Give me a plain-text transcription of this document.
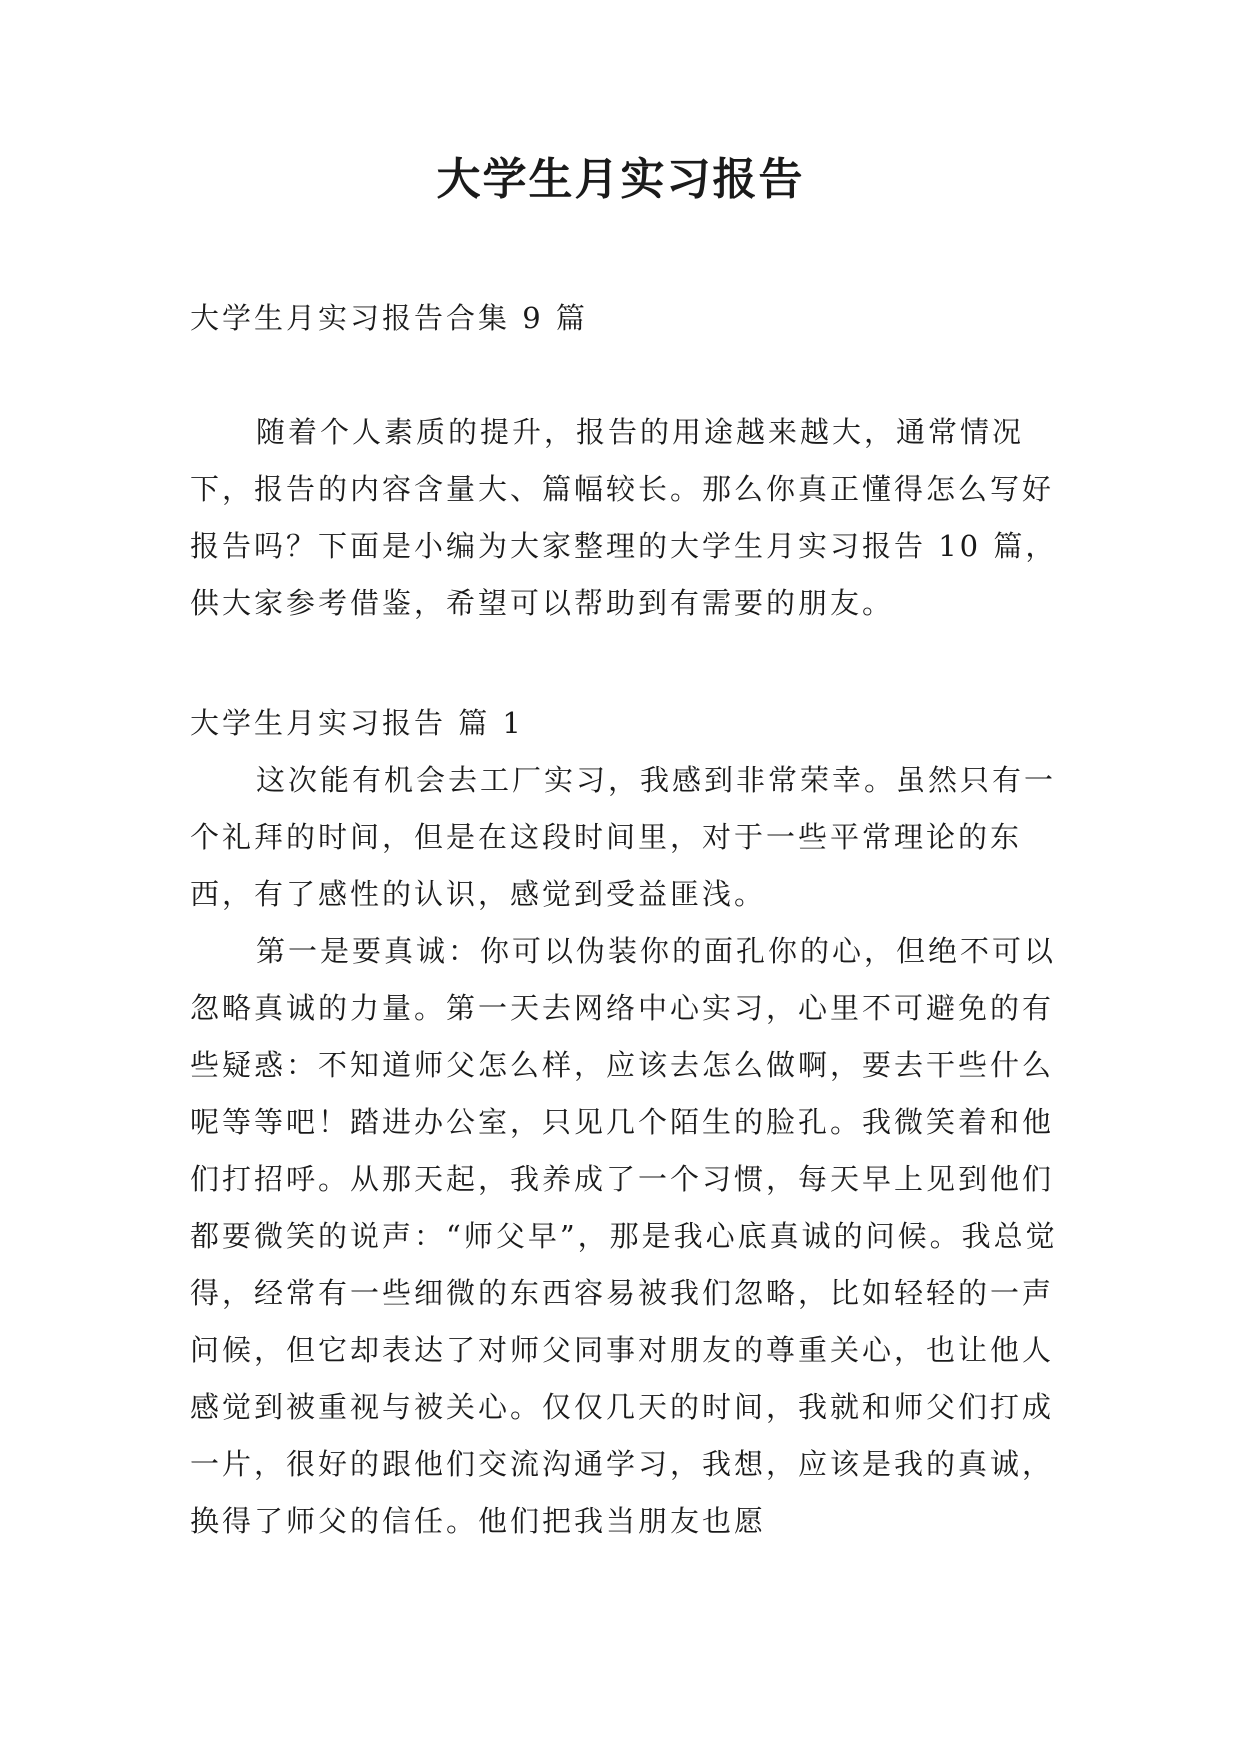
大学生月实习报告

大学生月实习报告合集 9 篇

随着个人素质的提升，报告的用途越来越大，通常情况下，报告的内容含量大、篇幅较长。那么你真正懂得怎么写好报告吗？下面是小编为大家整理的大学生月实习报告 10 篇，供大家参考借鉴，希望可以帮助到有需要的朋友。

大学生月实习报告 篇 1

这次能有机会去工厂实习，我感到非常荣幸。虽然只有一个礼拜的时间，但是在这段时间里，对于一些平常理论的东西，有了感性的认识，感觉到受益匪浅。

第一是要真诚：你可以伪装你的面孔你的心，但绝不可以忽略真诚的力量。第一天去网络中心实习，心里不可避免的有些疑惑：不知道师父怎么样，应该去怎么做啊，要去干些什么呢等等吧！踏进办公室，只见几个陌生的脸孔。我微笑着和他们打招呼。从那天起，我养成了一个习惯，每天早上见到他们都要微笑的说声：“师父早”，那是我心底真诚的问候。我总觉得，经常有一些细微的东西容易被我们忽略，比如轻轻的一声问候，但它却表达了对师父同事对朋友的尊重关心，也让他人感觉到被重视与被关心。仅仅几天的时间，我就和师父们打成一片，很好的跟他们交流沟通学习，我想，应该是我的真诚，换得了师父的信任。他们把我当朋友也愿
